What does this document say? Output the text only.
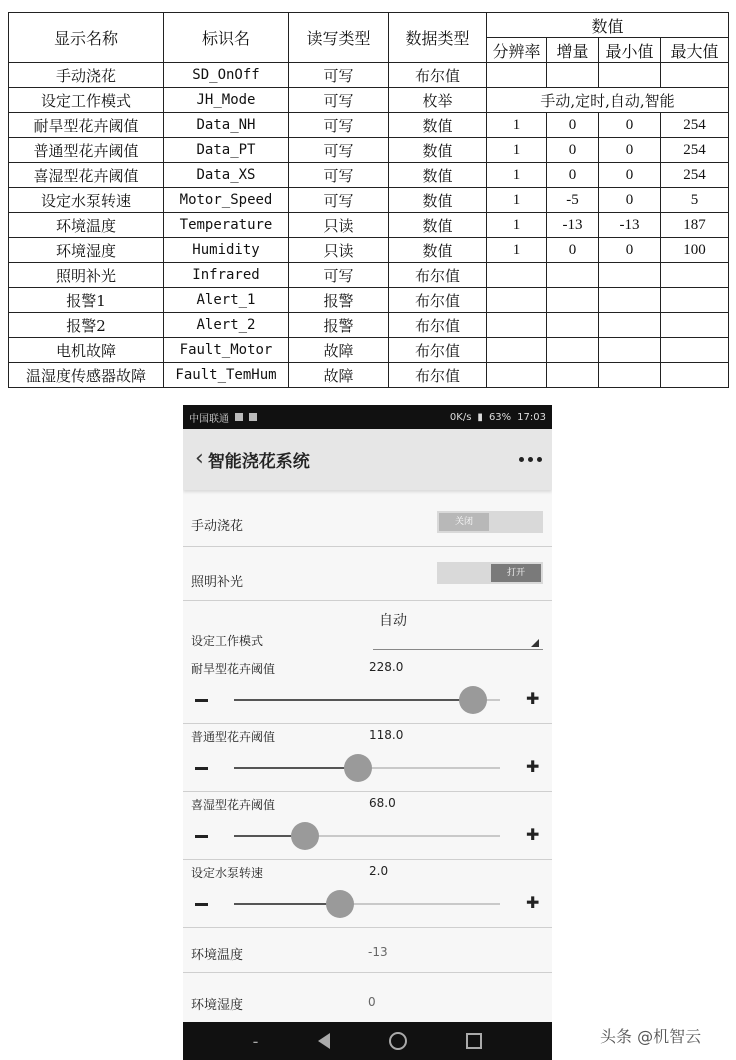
显示名称	标识名	读写类型	数据类型	数值			
				分辨率	增量	最小值	最大值
手动浇花	SD_OnOff	可写	布尔值				
设定工作模式	JH_Mode	可写	枚举	手动,定时,自动,智能			
耐旱型花卉阈值	Data_NH	可写	数值	1	0	0	254
普通型花卉阈值	Data_PT	可写	数值	1	0	0	254
喜湿型花卉阈值	Data_XS	可写	数值	1	0	0	254
设定水泵转速	Motor_Speed	可写	数值	1	-5	0	5
环境温度	Temperature	只读	数值	1	-13	-13	187
环境湿度	Humidity	只读	数值	1	0	0	100
照明补光	Infrared	可写	布尔值				
报警1	Alert_1	报警	布尔值				
报警2	Alert_2	报警	布尔值				
电机故障	Fault_Motor	故障	布尔值				
温湿度传感器故障	Fault_TemHum	故障	布尔值				
中国联通	0K/s ▮ 63% 17:03
‹ 智能浇花系统
手动浇花	关闭
照明补光
打开
自动
设定工作模式
耐旱型花卉阈值	228.0
✚
普通型花卉阈值	118.0
✚
喜湿型花卉阈值	68.0
✚
设定水泵转速	2.0
✚
环境温度	-13
环境湿度	0
‐	头条 @机智云
